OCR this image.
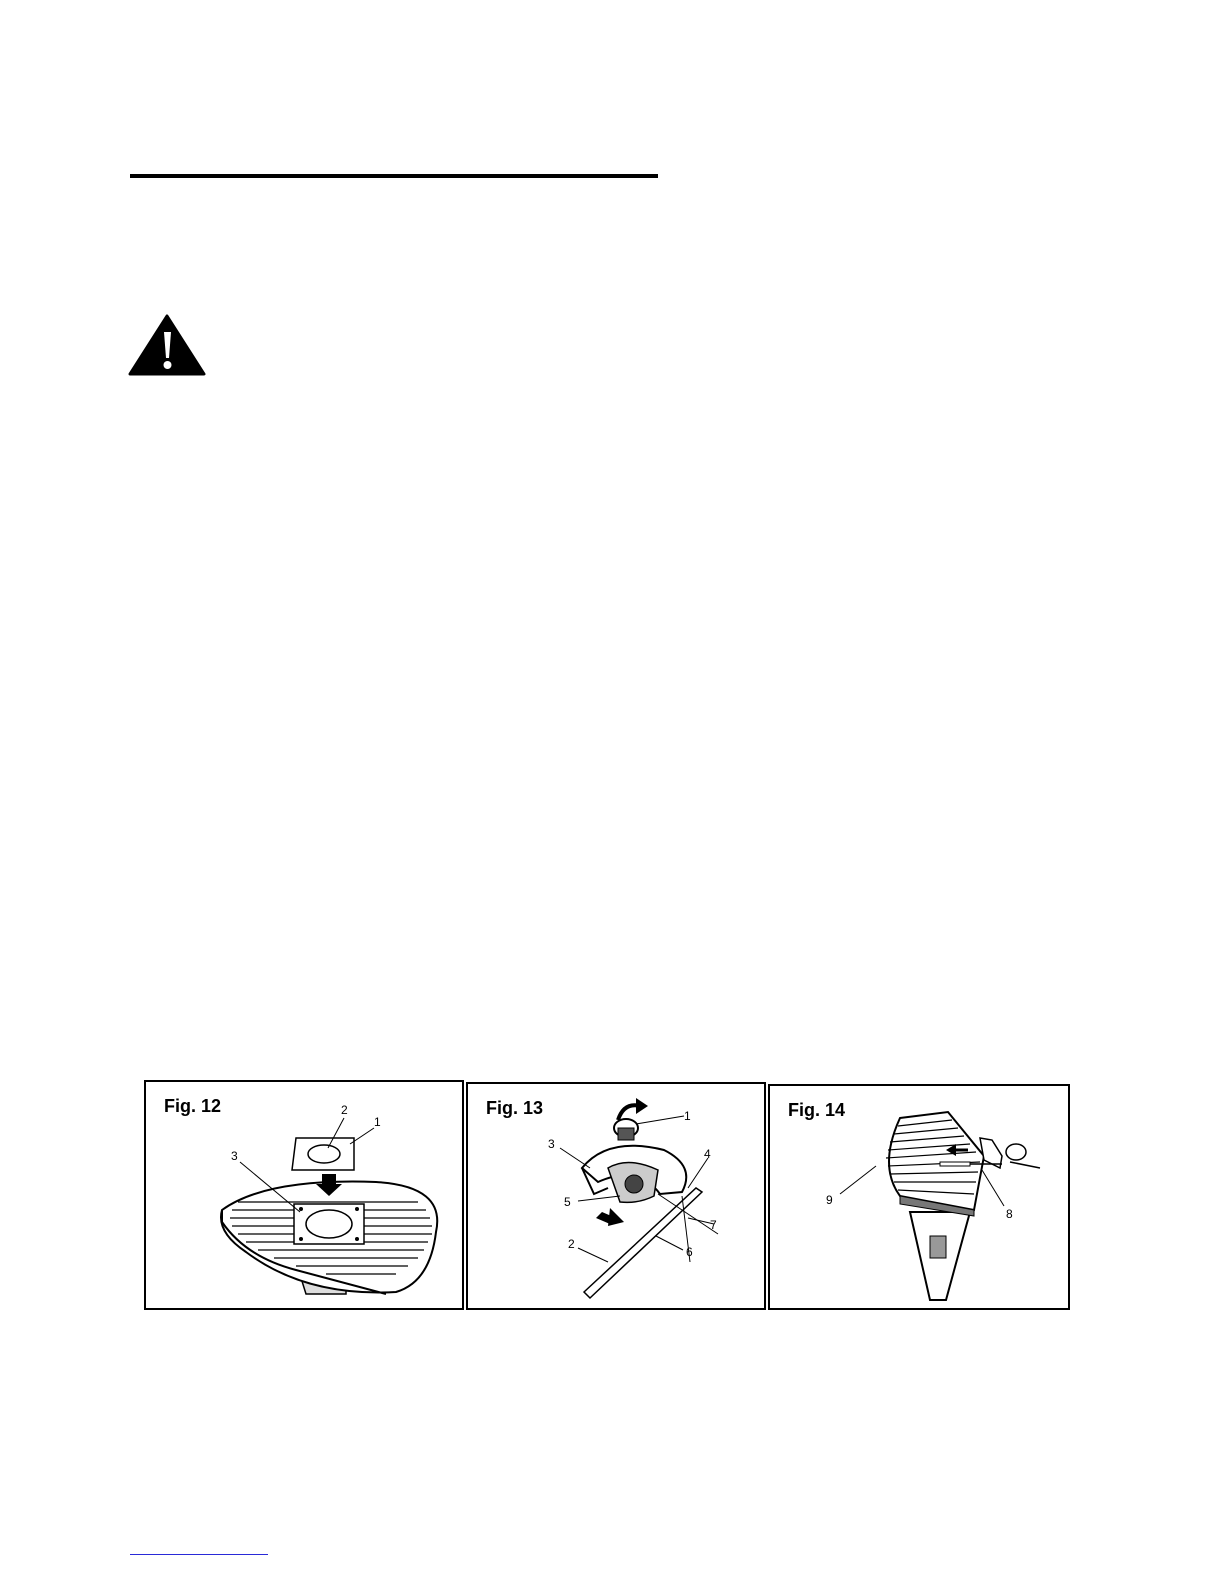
Fig. 12	2
1
3
Fig. 13	1
3
4
5
7
6
2
Fig. 14
9
8
